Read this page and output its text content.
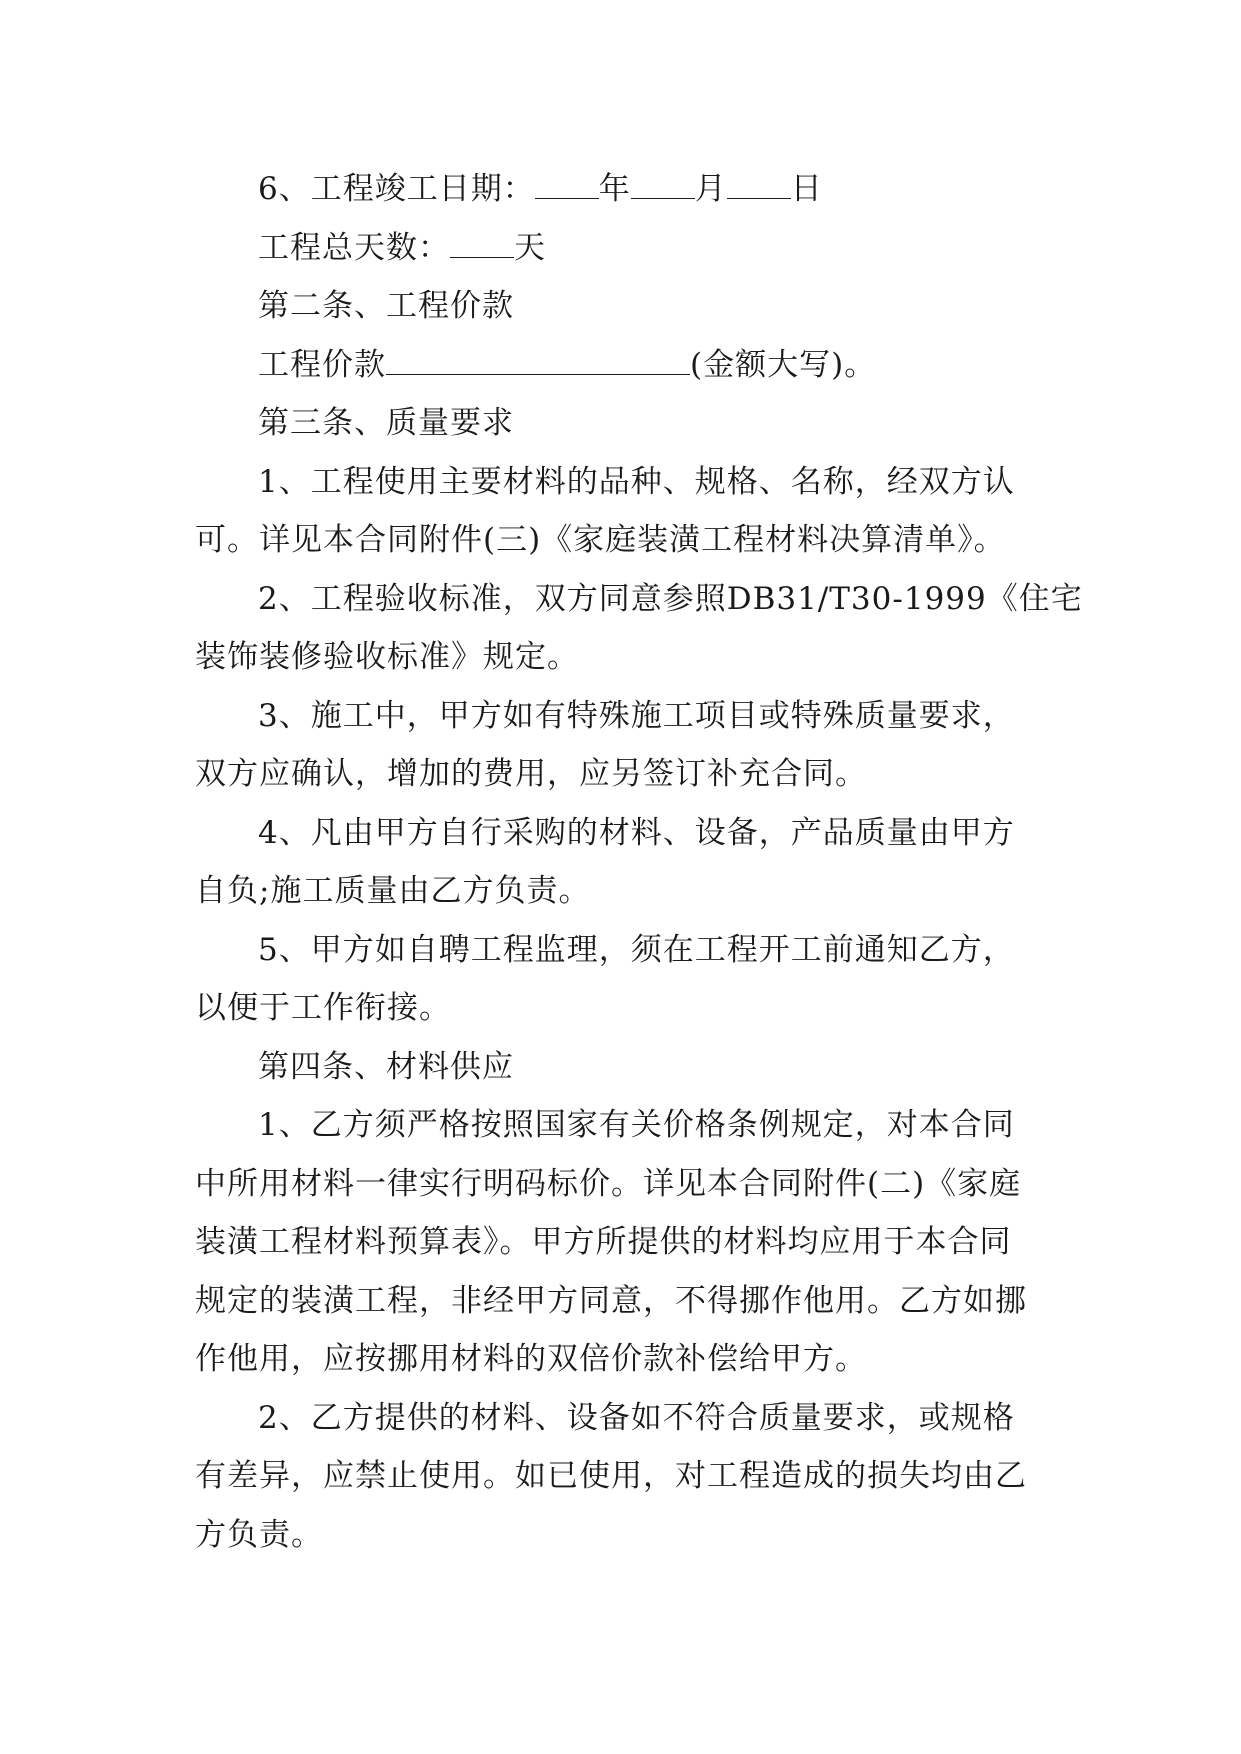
6、工程竣工日期： 年 月 日

工程总天数： 天

第二条、工程价款

工程价款	(金额大写)。

第三条、质量要求

1、工程使用主要材料的品种、规格、名称，经双方认

可。详见本合同附件(三)《家庭装潢工程材料决算清单》。

2、工程验收标准，双方同意参照DB31/T30-1999《住宅

装饰装修验收标准》规定。

3、施工中，甲方如有特殊施工项目或特殊质量要求，

双方应确认，增加的费用，应另签订补充合同。

4、凡由甲方自行采购的材料、设备，产品质量由甲方

自负;施工质量由乙方负责。

5、甲方如自聘工程监理，须在工程开工前通知乙方，

以便于工作衔接。

第四条、材料供应

1、乙方须严格按照国家有关价格条例规定，对本合同

中所用材料一律实行明码标价。详见本合同附件(二)《家庭

装潢工程材料预算表》。甲方所提供的材料均应用于本合同

规定的装潢工程，非经甲方同意，不得挪作他用。乙方如挪

作他用，应按挪用材料的双倍价款补偿给甲方。

2、乙方提供的材料、设备如不符合质量要求，或规格

有差异，应禁止使用。如已使用，对工程造成的损失均由乙

方负责。
